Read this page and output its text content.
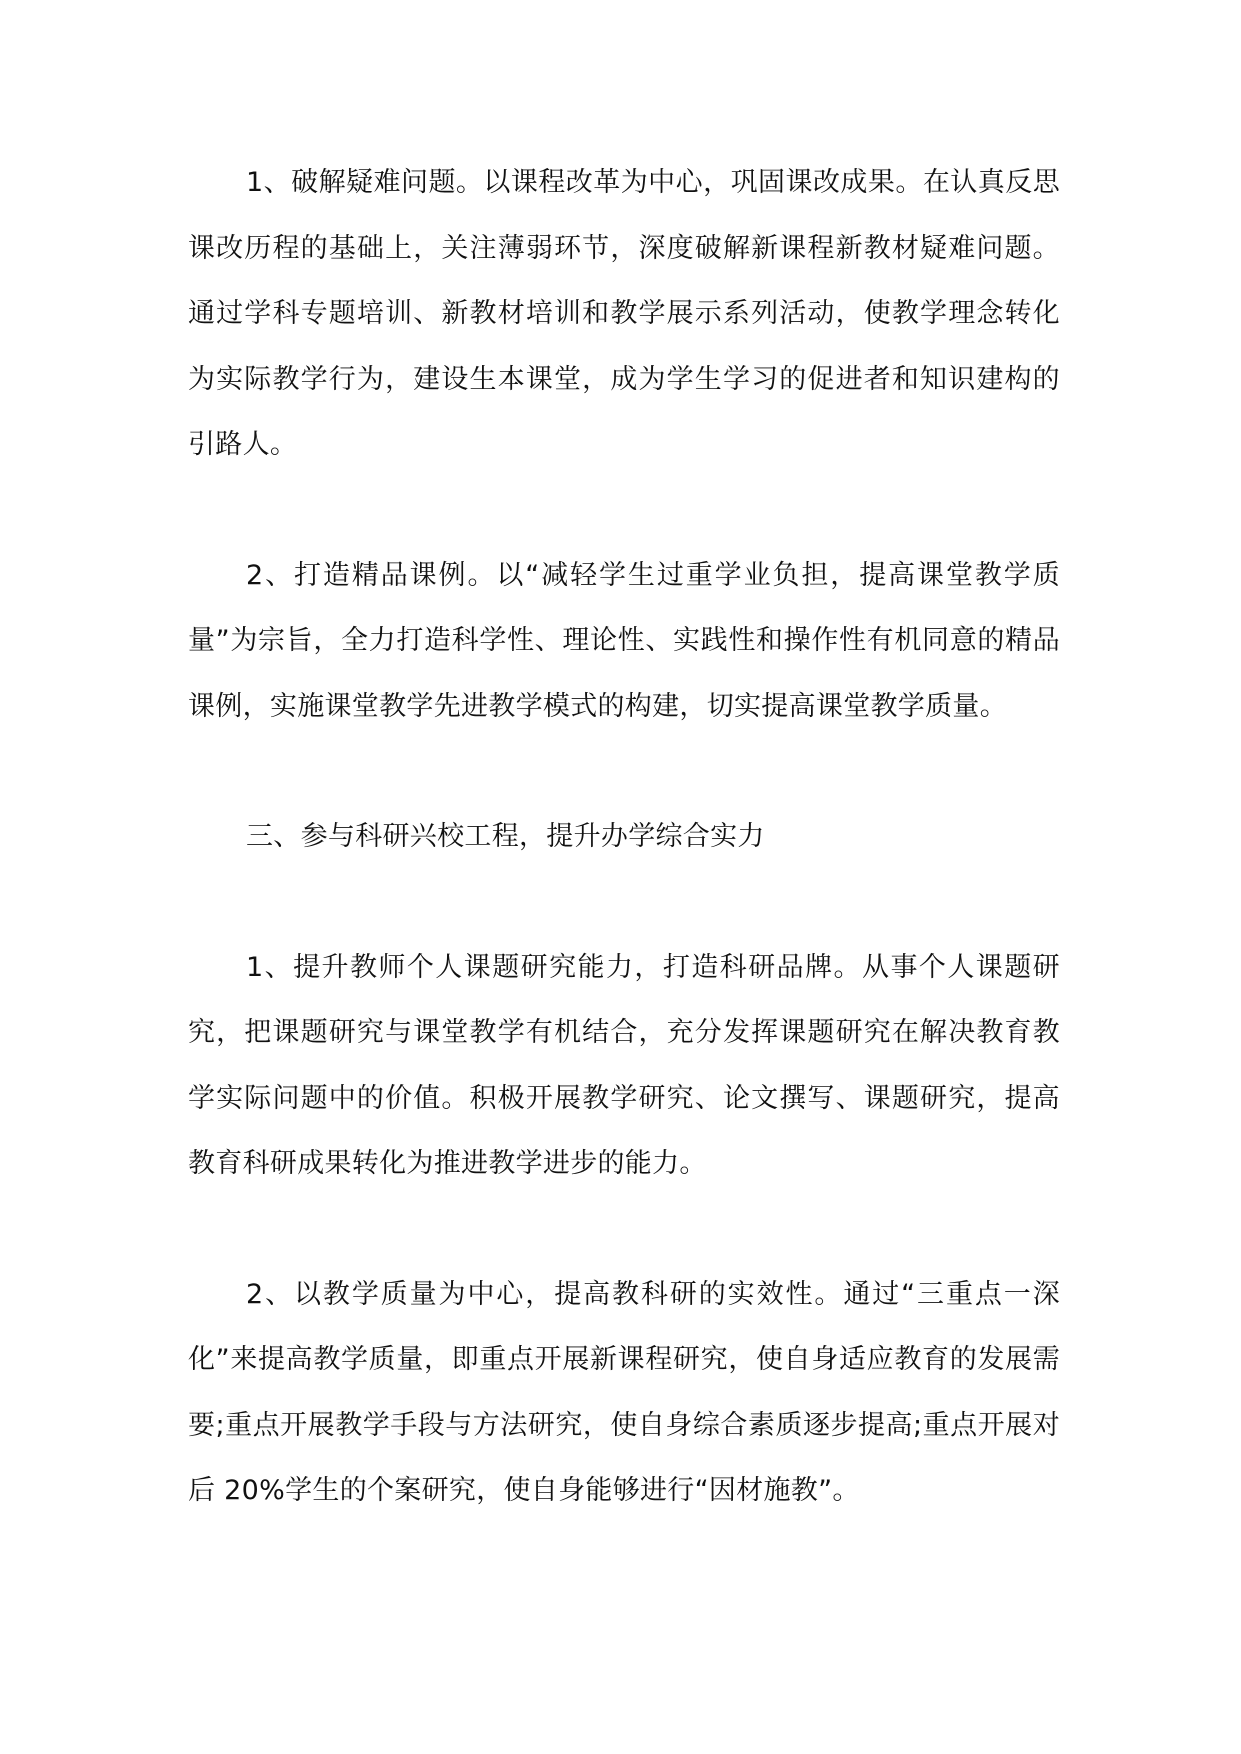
1、破解疑难问题。以课程改革为中心，巩固课改成果。在认真反思课改历程的基础上，关注薄弱环节，深度破解新课程新教材疑难问题。通过学科专题培训、新教材培训和教学展示系列活动，使教学理念转化为实际教学行为，建设生本课堂，成为学生学习的促进者和知识建构的引路人。

2、打造精品课例。以“减轻学生过重学业负担，提高课堂教学质量”为宗旨，全力打造科学性、理论性、实践性和操作性有机同意的精品课例，实施课堂教学先进教学模式的构建，切实提高课堂教学质量。

三、参与科研兴校工程，提升办学综合实力

1、提升教师个人课题研究能力，打造科研品牌。从事个人课题研究，把课题研究与课堂教学有机结合，充分发挥课题研究在解决教育教学实际问题中的价值。积极开展教学研究、论文撰写、课题研究，提高教育科研成果转化为推进教学进步的能力。

2、以教学质量为中心，提高教科研的实效性。通过“三重点一深化”来提高教学质量，即重点开展新课程研究，使自身适应教育的发展需要;重点开展教学手段与方法研究，使自身综合素质逐步提高;重点开展对后 20%学生的个案研究，使自身能够进行“因材施教”。
